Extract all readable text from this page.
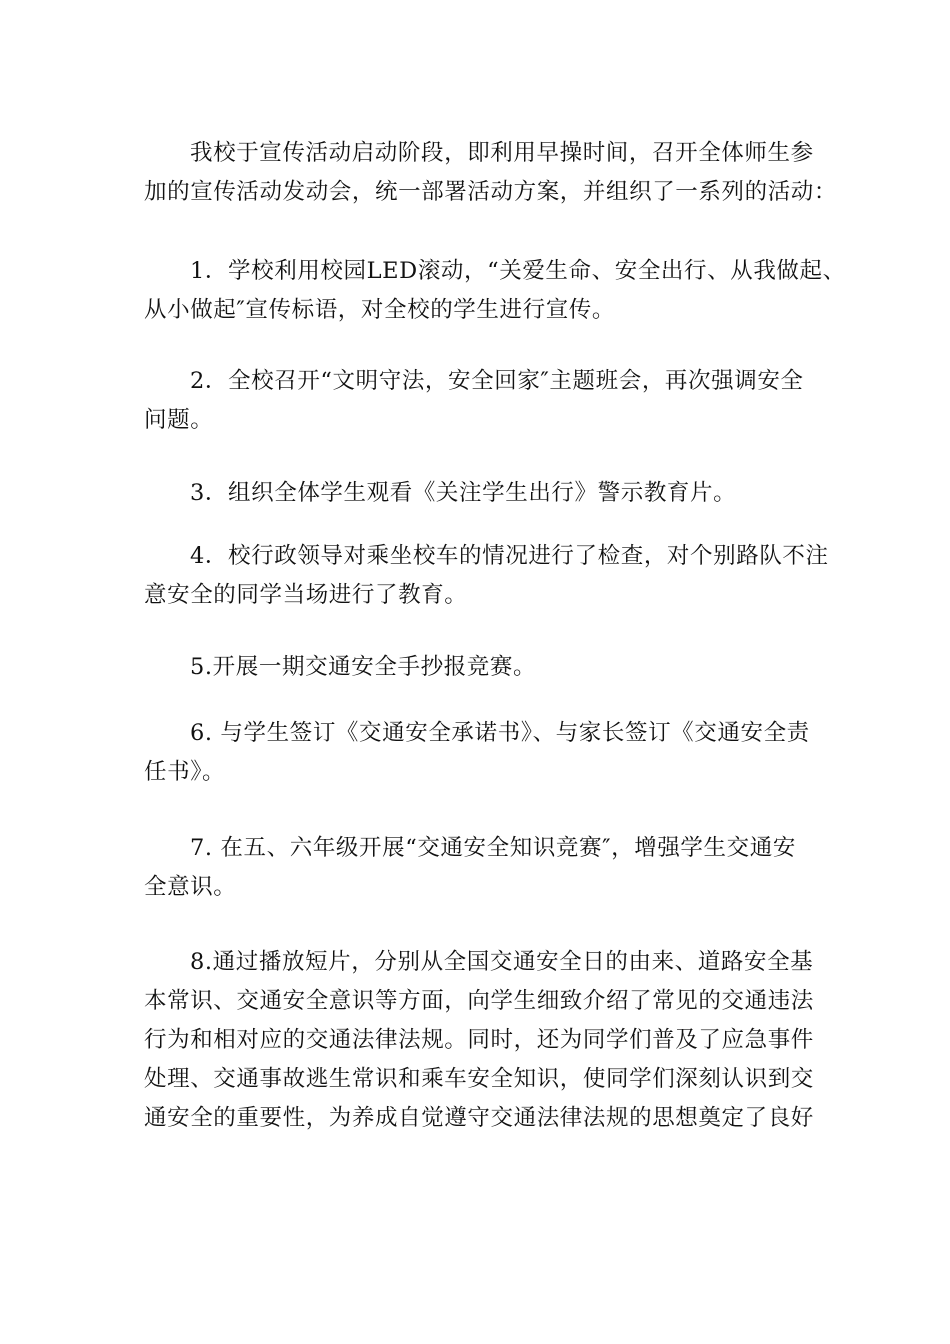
我校于宣传活动启动阶段，即利用早操时间，召开全体师生参
加的宣传活动发动会，统一部署活动方案，并组织了一系列的活动：

1．学校利用校园LED滚动，“关爱生命、安全出行、从我做起、
从小做起″宣传标语，对全校的学生进行宣传。

2．全校召开“文明守法，安全回家″主题班会，再次强调安全
问题。

3．组织全体学生观看《关注学生出行》警示教育片。

4．校行政领导对乘坐校车的情况进行了检查，对个别路队不注
意安全的同学当场进行了教育。

5.开展一期交通安全手抄报竞赛。

6. 与学生签订《交通安全承诺书》、与家长签订《交通安全责
任书》。

7. 在五、六年级开展“交通安全知识竞赛″，增强学生交通安
全意识。

8.通过播放短片，分别从全国交通安全日的由来、道路安全基
本常识、交通安全意识等方面，向学生细致介绍了常见的交通违法
行为和相对应的交通法律法规。同时，还为同学们普及了应急事件
处理、交通事故逃生常识和乘车安全知识，使同学们深刻认识到交
通安全的重要性，为养成自觉遵守交通法律法规的思想奠定了良好
